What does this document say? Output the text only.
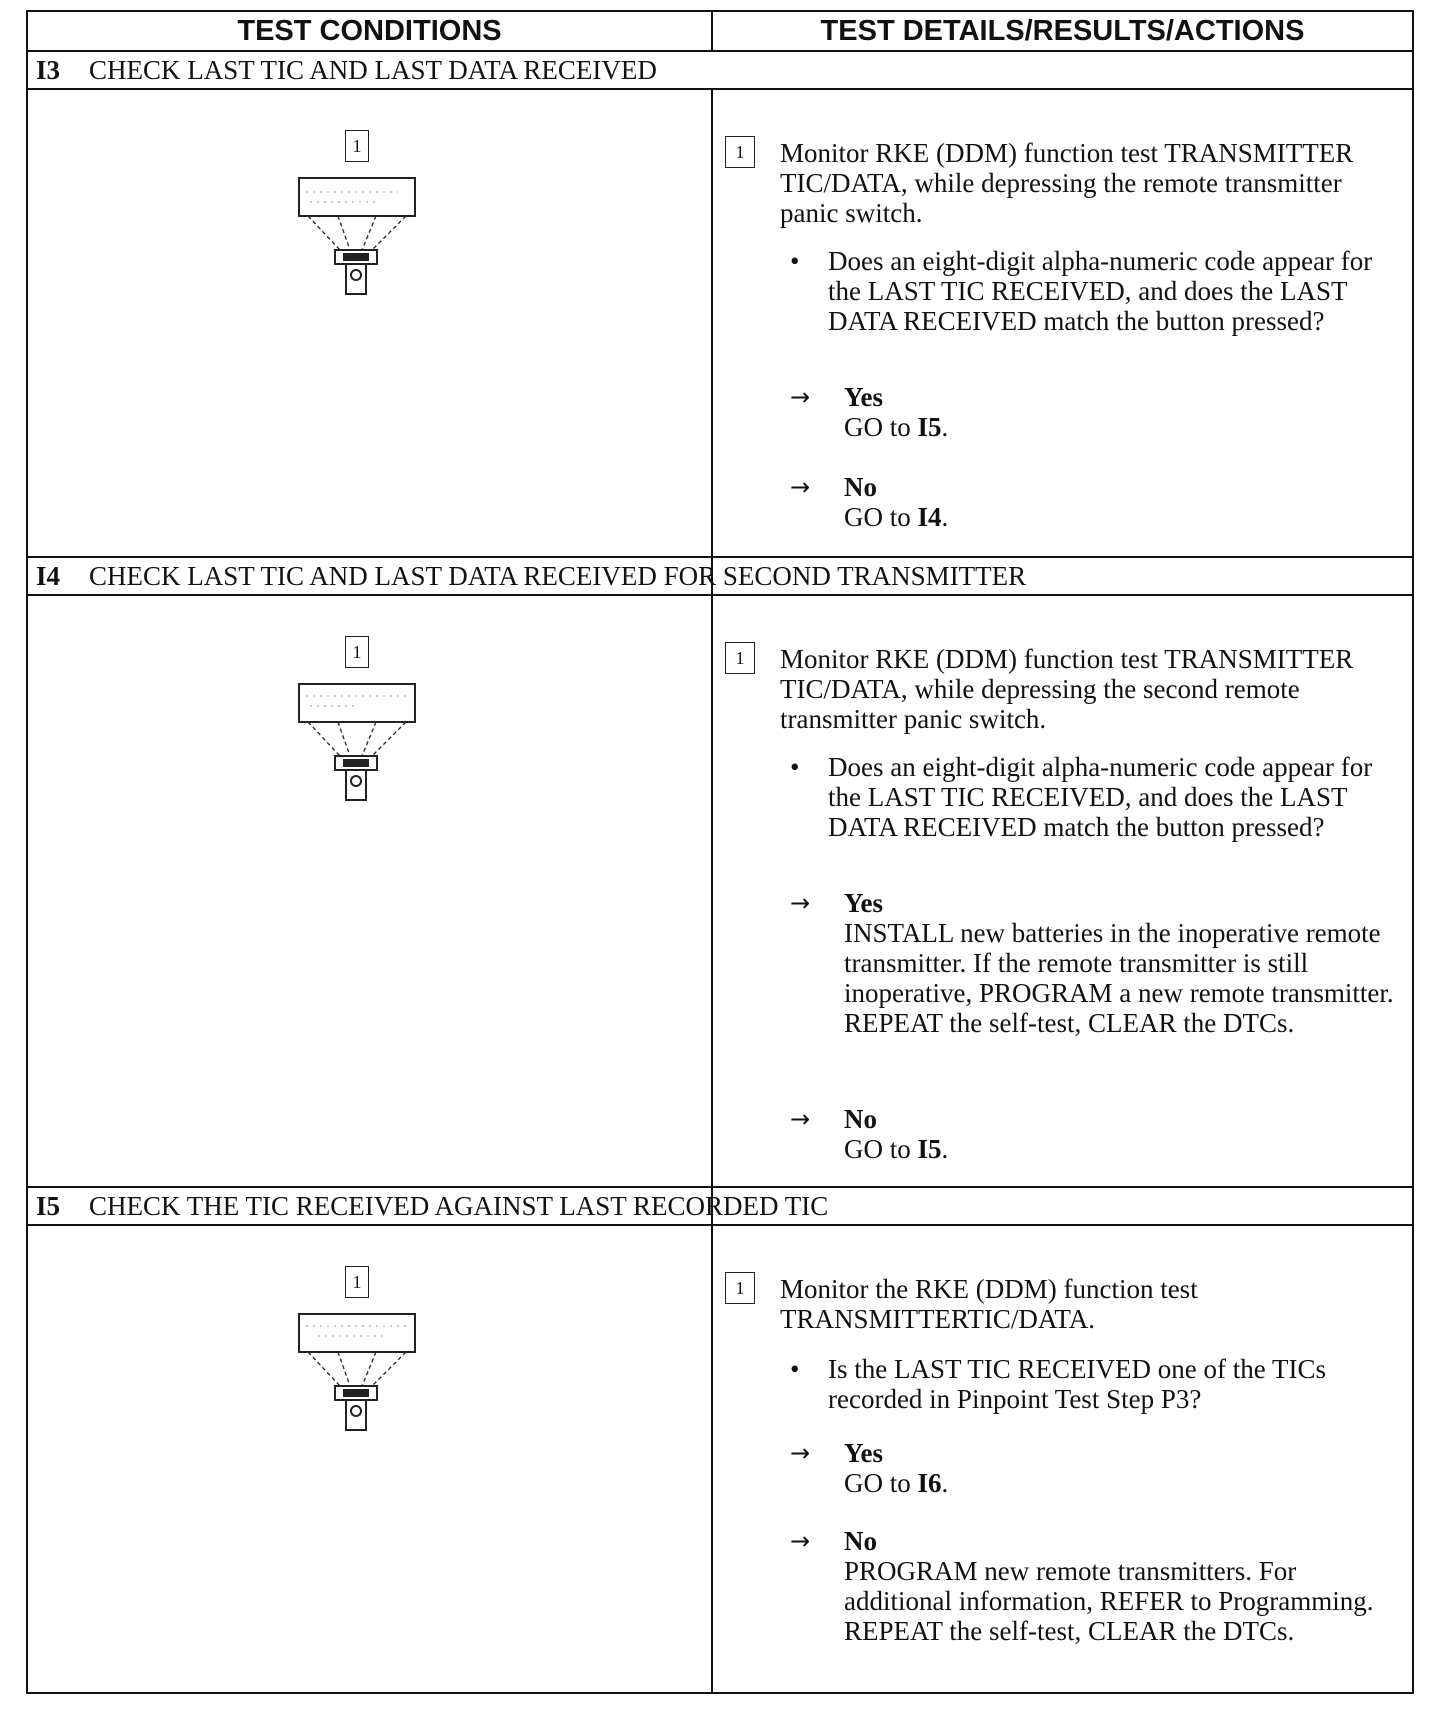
TEST CONDITIONS	TEST DETAILS/RESULTS/ACTIONS
I3 CHECK LAST TIC AND LAST DATA RECEIVED
1	1	Monitor RKE (DDM) function test TRANSMITTER TIC/DATA, while depressing the remote transmitter panic switch.
• Does an eight-digit alpha-numeric code appear for the LAST TIC RECEIVED, and does the LAST DATA RECEIVED match the button pressed?
→ Yes
GO to I5.
→ No
GO to I4.
I4 CHECK LAST TIC AND LAST DATA RECEIVED FOR SECOND TRANSMITTER
1	1	Monitor RKE (DDM) function test TRANSMITTER TIC/DATA, while depressing the second remote transmitter panic switch.
• Does an eight-digit alpha-numeric code appear for the LAST TIC RECEIVED, and does the LAST DATA RECEIVED match the button pressed?
→ Yes
INSTALL new batteries in the inoperative remote transmitter. If the remote transmitter is still inoperative, PROGRAM a new remote transmitter. REPEAT the self-test, CLEAR the DTCs.
→ No
GO to I5.
I5 CHECK THE TIC RECEIVED AGAINST LAST RECORDED TIC
1	1	Monitor the RKE (DDM) function test TRANSMITTERTIC/DATA.
• Is the LAST TIC RECEIVED one of the TICs recorded in Pinpoint Test Step P3?
→ Yes
GO to I6.
→ No
PROGRAM new remote transmitters. For additional information, REFER to Programming. REPEAT the self-test, CLEAR the DTCs.
